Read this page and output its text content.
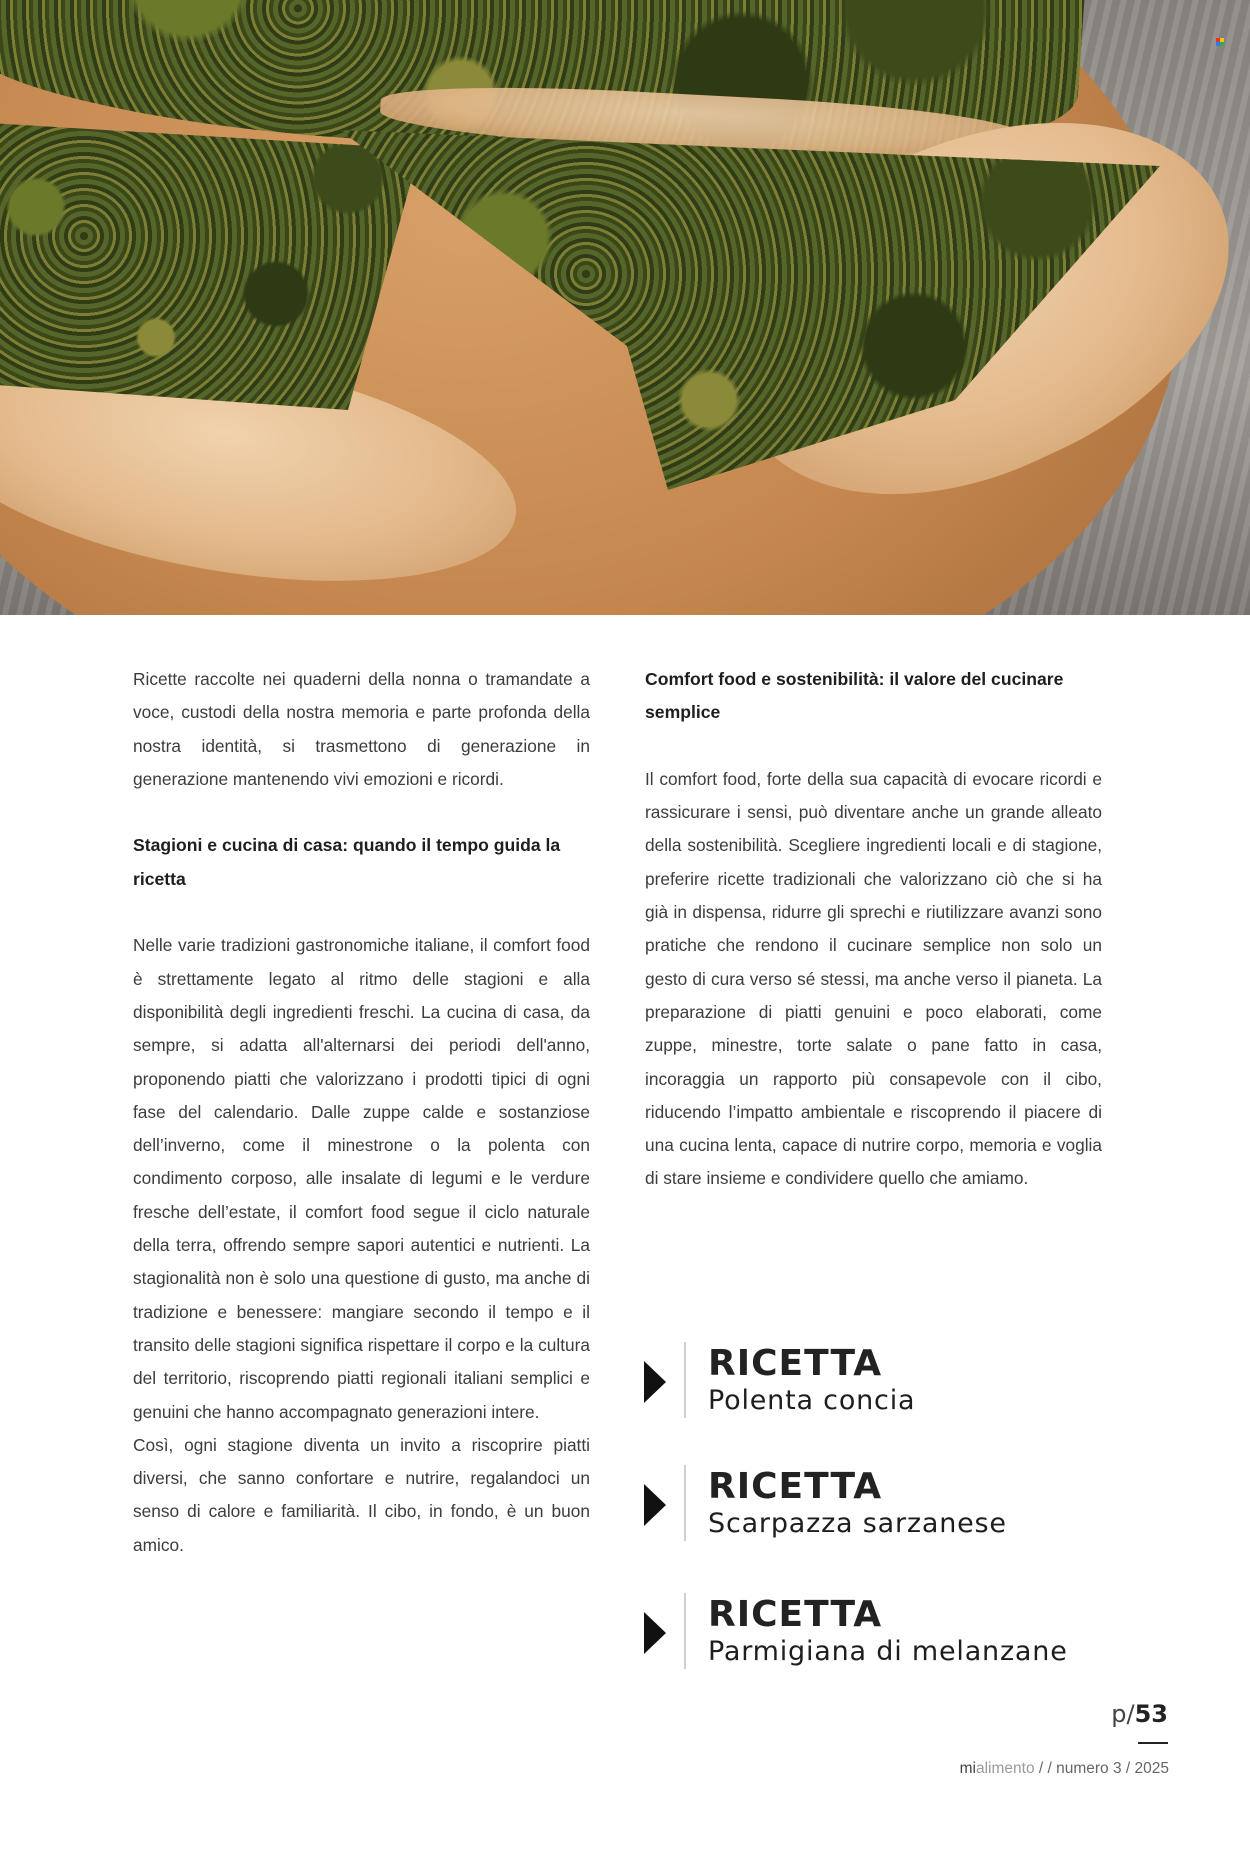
Ricette raccolte nei quaderni della nonna o tramandate a voce, custodi della nostra memoria e parte profonda della nostra identità, si trasmettono di generazione in generazione mantenendo vivi emozioni e ricordi.

Stagioni e cucina di casa: quando il tempo guida la ricetta

Nelle varie tradizioni gastronomiche italiane, il comfort food è strettamente legato al ritmo delle stagioni e alla disponibilità degli ingredienti freschi. La cucina di casa, da sempre, si adatta all'alternarsi dei periodi dell'anno, proponendo piatti che valorizzano i prodotti tipici di ogni fase del calendario. Dalle zuppe calde e sostanziose dell’inverno, come il minestrone o la polenta con condimento corposo, alle insalate di legumi e le verdure fresche dell’estate, il comfort food segue il ciclo naturale della terra, offrendo sempre sapori autentici e nutrienti. La stagionalità non è solo una questione di gusto, ma anche di tradizione e benessere: mangiare secondo il tempo e il transito delle stagioni significa rispettare il corpo e la cultura del territorio, riscoprendo piatti regionali italiani semplici e genuini che hanno accompagnato generazioni intere.

Così, ogni stagione diventa un invito a riscoprire piatti diversi, che sanno confortare e nutrire, regalandoci un senso di calore e familiarità. Il cibo, in fondo, è un buon amico.

Comfort food e sostenibilità: il valore del cucinare semplice

Il comfort food, forte della sua capacità di evocare ricordi e rassicurare i sensi, può diventare anche un grande alleato della sostenibilità. Scegliere ingredienti locali e di stagione, preferire ricette tradizionali che valorizzano ciò che si ha già in dispensa, ridurre gli sprechi e riutilizzare avanzi sono pratiche che rendono il cucinare semplice non solo un gesto di cura verso sé stessi, ma anche verso il pianeta. La preparazione di piatti genuini e poco elaborati, come zuppe, minestre, torte salate o pane fatto in casa, incoraggia un rapporto più consapevole con il cibo, riducendo l’impatto ambientale e riscoprendo il piacere di una cucina lenta, capace di nutrire corpo, memoria e voglia di stare insieme e condividere quello che amiamo.

RICETTA
Polenta concia
RICETTA
Scarpazza sarzanese
RICETTA
Parmigiana di melanzane
p/53
mialimento / / numero 3 / 2025
